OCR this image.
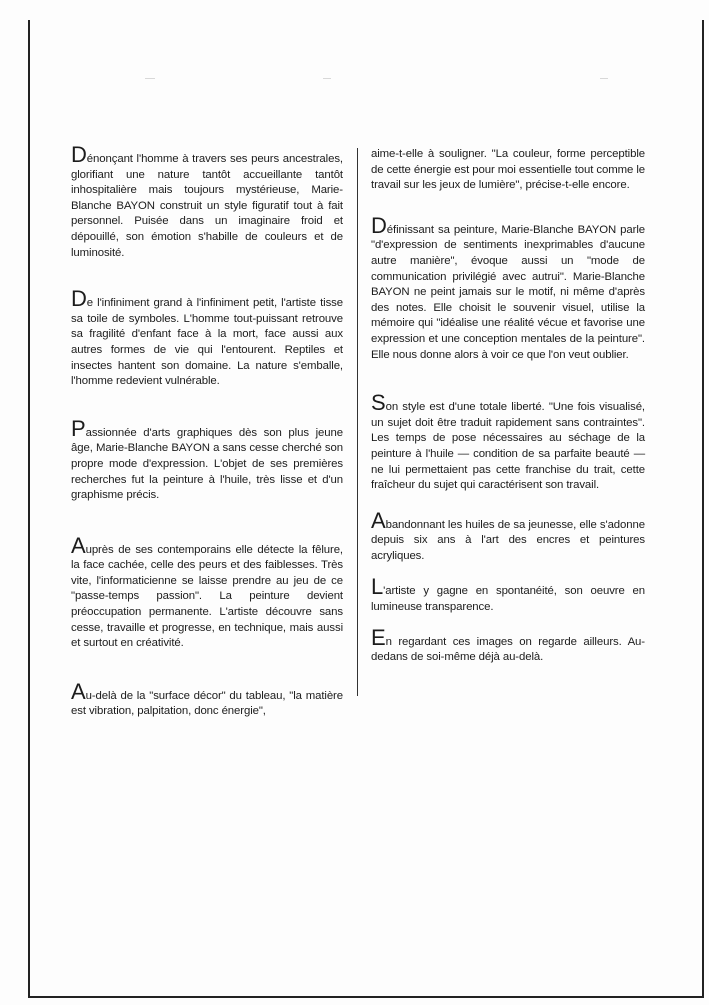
Dénonçant l'homme à travers ses peurs ancestrales, glorifiant une nature tantôt accueillante tantôt inhospitalière mais toujours mystérieuse, Marie-Blanche BAYON construit un style figuratif tout à fait personnel. Puisée dans un imaginaire froid et dépouillé, son émotion s'habille de couleurs et de luminosité.

De l'infiniment grand à l'infiniment petit, l'artiste tisse sa toile de symboles. L'homme tout-puissant retrouve sa fragilité d'enfant face à la mort, face aussi aux autres formes de vie qui l'entourent. Reptiles et insectes hantent son domaine. La nature s'emballe, l'homme redevient vulnérable.

Passionnée d'arts graphiques dès son plus jeune âge, Marie-Blanche BAYON a sans cesse cherché son propre mode d'expression. L'objet de ses premières recherches fut la peinture à l'huile, très lisse et d'un graphisme précis.

Auprès de ses contemporains elle détecte la fêlure, la face cachée, celle des peurs et des faiblesses. Très vite, l'informaticienne se laisse prendre au jeu de ce "passe-temps passion". La peinture devient préoccupation permanente. L'artiste découvre sans cesse, travaille et progresse, en technique, mais aussi et surtout en créativité.

Au-delà de la "surface décor" du tableau, "la matière est vibration, palpitation, donc énergie",

aime-t-elle à souligner. "La couleur, forme perceptible de cette énergie est pour moi essentielle tout comme le travail sur les jeux de lumière", précise-t-elle encore.

Définissant sa peinture, Marie-Blanche BAYON parle "d'expression de sentiments inexprimables d'aucune autre manière", évoque aussi un "mode de communication privilégié avec autrui". Marie-Blanche BAYON ne peint jamais sur le motif, ni même d'après des notes. Elle choisit le souvenir visuel, utilise la mémoire qui "idéalise une réalité vécue et favorise une expression et une conception mentales de la peinture". Elle nous donne alors à voir ce que l'on veut oublier.

Son style est d'une totale liberté. "Une fois visualisé, un sujet doit être traduit rapidement sans contraintes". Les temps de pose nécessaires au séchage de la peinture à l'huile — condition de sa parfaite beauté — ne lui permettaient pas cette franchise du trait, cette fraîcheur du sujet qui caractérisent son travail.

Abandonnant les huiles de sa jeunesse, elle s'adonne depuis six ans à l'art des encres et peintures acryliques.

L'artiste y gagne en spontanéité, son oeuvre en lumineuse transparence.

En regardant ces images on regarde ailleurs. Au-dedans de soi-même déjà au-delà.
